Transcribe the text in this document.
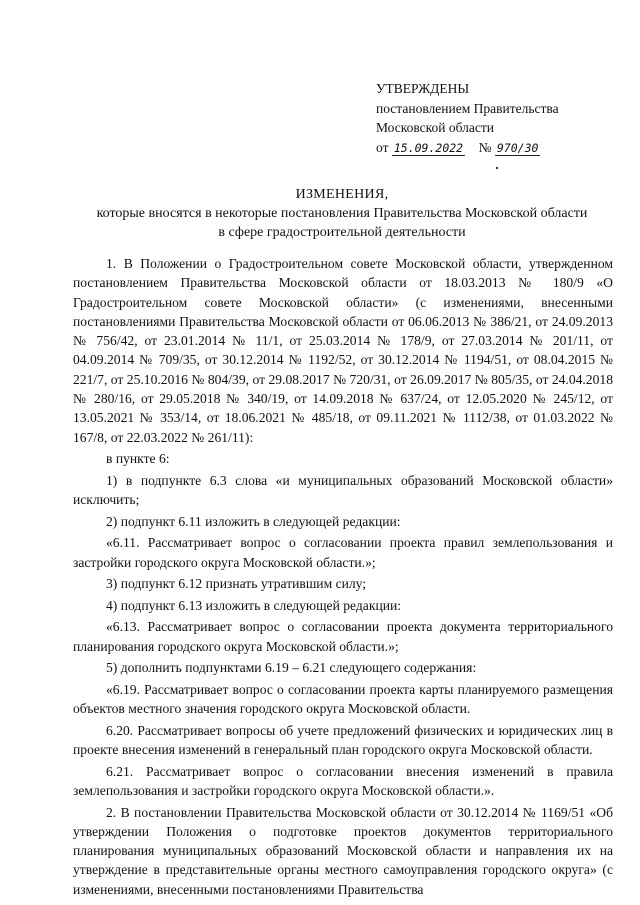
УТВЕРЖДЕНЫ
постановлением Правительства
Московской области
от 15.09.2022 № 970/30
ИЗМЕНЕНИЯ,
которые вносятся в некоторые постановления Правительства Московской области
в сфере градостроительной деятельности

1. В Положении о Градостроительном совете Московской области, утвержденном постановлением Правительства Московской области от 18.03.2013 № 180/9 «О Градостроительном совете Московской области» (с изменениями, внесенными постановлениями Правительства Московской области от 06.06.2013 № 386/21, от 24.09.2013 № 756/42, от 23.01.2014 № 11/1, от 25.03.2014 № 178/9, от 27.03.2014 № 201/11, от 04.09.2014 № 709/35, от 30.12.2014 № 1192/52, от 30.12.2014 № 1194/51, от 08.04.2015 № 221/7, от 25.10.2016 № 804/39, от 29.08.2017 № 720/31, от 26.09.2017 № 805/35, от 24.04.2018 № 280/16, от 29.05.2018 № 340/19, от 14.09.2018 № 637/24, от 12.05.2020 № 245/12, от 13.05.2021 № 353/14, от 18.06.2021 № 485/18, от 09.11.2021 № 1112/38, от 01.03.2022 № 167/8, от 22.03.2022 № 261/11):

в пункте 6:

1) в подпункте 6.3 слова «и муниципальных образований Московской области» исключить;

2) подпункт 6.11 изложить в следующей редакции:

«6.11. Рассматривает вопрос о согласовании проекта правил землепользования и застройки городского округа Московской области.»;

3) подпункт 6.12 признать утратившим силу;

4) подпункт 6.13 изложить в следующей редакции:

«6.13. Рассматривает вопрос о согласовании проекта документа территориального планирования городского округа Московской области.»;

5) дополнить подпунктами 6.19 – 6.21 следующего содержания:

«6.19. Рассматривает вопрос о согласовании проекта карты планируемого размещения объектов местного значения городского округа Московской области.

6.20. Рассматривает вопросы об учете предложений физических и юридических лиц в проекте внесения изменений в генеральный план городского округа Московской области.

6.21. Рассматривает вопрос о согласовании внесения изменений в правила землепользования и застройки городского округа Московской области.».

2. В постановлении Правительства Московской области от 30.12.2014 № 1169/51 «Об утверждении Положения о подготовке проектов документов территориального планирования муниципальных образований Московской области и направления их на утверждение в представительные органы местного самоуправления городского округа» (с изменениями, внесенными постановлениями Правительства
